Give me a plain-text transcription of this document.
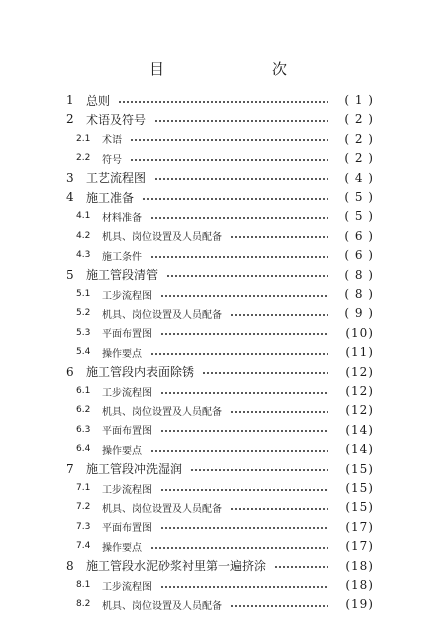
目　　次
1	总则	( 1 )
2	术语及符号	( 2 )
2.1	术语	( 2 )
2.2	符号	( 2 )
3	工艺流程图	( 4 )
4	施工准备	( 5 )
4.1	材料准备	( 5 )
4.2	机具、岗位设置及人员配备	( 6 )
4.3	施工条件	( 6 )
5	施工管段清管	( 8 )
5.1	工步流程图	( 8 )
5.2	机具、岗位设置及人员配备	( 9 )
5.3	平面布置图	(10)
5.4	操作要点	(11)
6	施工管段内表面除锈	(12)
6.1	工步流程图	(12)
6.2	机具、岗位设置及人员配备	(12)
6.3	平面布置图	(14)
6.4	操作要点	(14)
7	施工管段冲洗湿润	(15)
7.1	工步流程图	(15)
7.2	机具、岗位设置及人员配备	(15)
7.3	平面布置图	(17)
7.4	操作要点	(17)
8	施工管段水泥砂浆衬里第一遍挤涂	(18)
8.1	工步流程图	(18)
8.2	机具、岗位设置及人员配备	(19)
